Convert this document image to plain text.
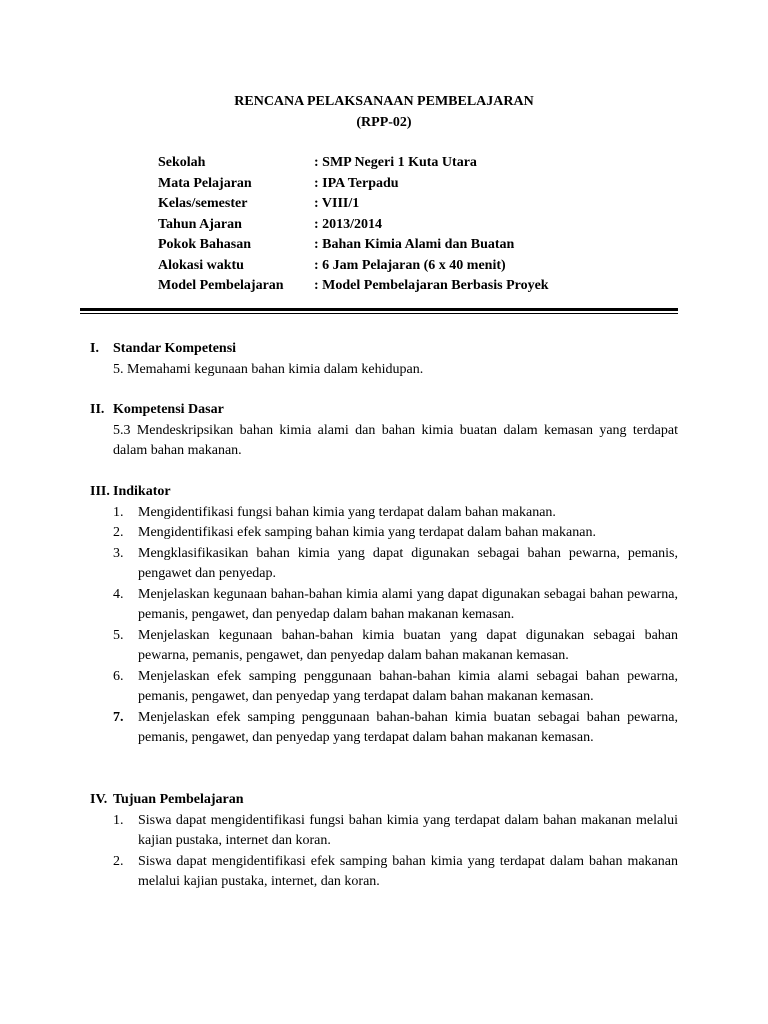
RENCANA PELAKSANAAN PEMBELAJARAN
(RPP-02)
Sekolah	: SMP Negeri 1 Kuta Utara
Mata Pelajaran	: IPA Terpadu
Kelas/semester	: VIII/1
Tahun Ajaran	: 2013/2014
Pokok Bahasan	: Bahan Kimia Alami dan Buatan
Alokasi waktu	: 6 Jam Pelajaran (6 x 40 menit)
Model Pembelajaran	: Model Pembelajaran Berbasis Proyek
I.	Standar Kompetensi
5. Memahami kegunaan bahan kimia dalam kehidupan.
II. Kompetensi Dasar
5.3 Mendeskripsikan bahan kimia alami dan bahan kimia buatan dalam kemasan yang terdapat dalam bahan makanan.
III. Indikator
1.	Mengidentifikasi fungsi bahan kimia yang terdapat dalam bahan makanan.
2.	Mengidentifikasi efek samping bahan kimia yang terdapat dalam bahan makanan.
3.	Mengklasifikasikan bahan kimia yang dapat digunakan sebagai bahan pewarna, pemanis, pengawet dan penyedap.
4.	Menjelaskan kegunaan bahan-bahan kimia alami yang dapat digunakan sebagai bahan pewarna, pemanis, pengawet, dan penyedap dalam bahan makanan kemasan.
5.	Menjelaskan kegunaan bahan-bahan kimia buatan yang dapat digunakan sebagai bahan pewarna, pemanis, pengawet, dan penyedap dalam bahan makanan kemasan.
6.	Menjelaskan efek samping penggunaan bahan-bahan kimia alami sebagai bahan pewarna, pemanis, pengawet, dan penyedap yang terdapat dalam bahan makanan kemasan.
7.	Menjelaskan efek samping penggunaan bahan-bahan kimia buatan sebagai bahan pewarna, pemanis, pengawet, dan penyedap yang terdapat dalam bahan makanan kemasan.
IV. Tujuan Pembelajaran
1.	Siswa dapat mengidentifikasi fungsi bahan kimia yang terdapat dalam bahan makanan melalui kajian pustaka, internet dan koran.
2.	Siswa dapat mengidentifikasi efek samping bahan kimia yang terdapat dalam bahan makanan melalui kajian pustaka, internet, dan koran.
